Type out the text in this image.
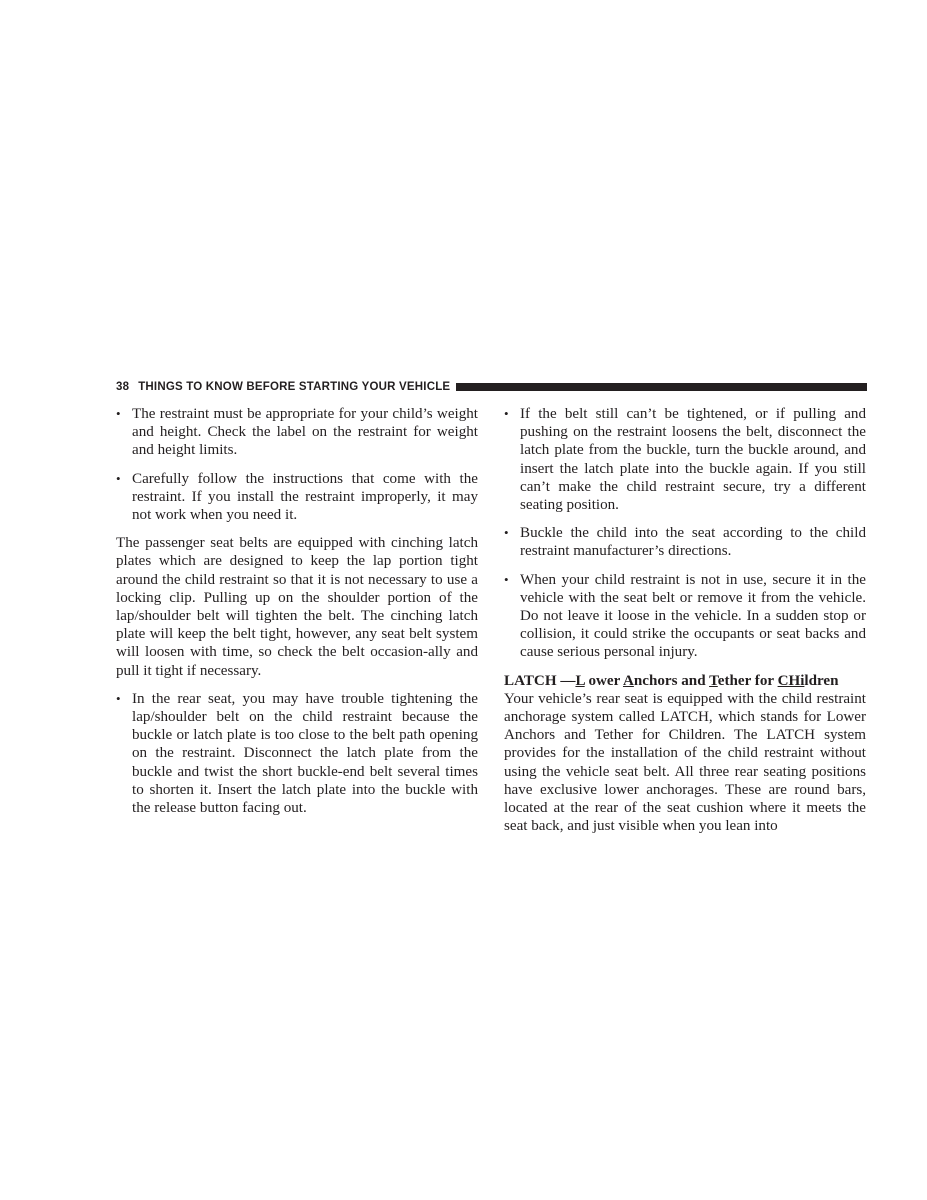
38 THINGS TO KNOW BEFORE STARTING YOUR VEHICLE
• The restraint must be appropriate for your child’s weight and height. Check the label on the restraint for weight and height limits.
• Carefully follow the instructions that come with the restraint. If you install the restraint improperly, it may not work when you need it.

The passenger seat belts are equipped with cinching latch plates which are designed to keep the lap portion tight around the child restraint so that it is not necessary to use a locking clip. Pulling up on the shoulder portion of the lap/shoulder belt will tighten the belt. The cinching latch plate will keep the belt tight, however, any seat belt system will loosen with time, so check the belt occasion-ally and pull it tight if necessary.

• In the rear seat, you may have trouble tightening the lap/shoulder belt on the child restraint because the buckle or latch plate is too close to the belt path opening on the restraint. Disconnect the latch plate from the buckle and twist the short buckle-end belt several times to shorten it. Insert the latch plate into the buckle with the release button facing out.
• If the belt still can’t be tightened, or if pulling and pushing on the restraint loosens the belt, disconnect the latch plate from the buckle, turn the buckle around, and insert the latch plate into the buckle again. If you still can’t make the child restraint secure, try a different seating position.
• Buckle the child into the seat according to the child restraint manufacturer’s directions.
• When your child restraint is not in use, secure it in the vehicle with the seat belt or remove it from the vehicle. Do not leave it loose in the vehicle. In a sudden stop or collision, it could strike the occupants or seat backs and cause serious personal injury.

LATCH —L ower Anchors and Tether for CHildren

Your vehicle’s rear seat is equipped with the child restraint anchorage system called LATCH, which stands for Lower Anchors and Tether for Children. The LATCH system provides for the installation of the child restraint without using the vehicle seat belt. All three rear seating positions have exclusive lower anchorages. These are round bars, located at the rear of the seat cushion where it meets the seat back, and just visible when you lean into
